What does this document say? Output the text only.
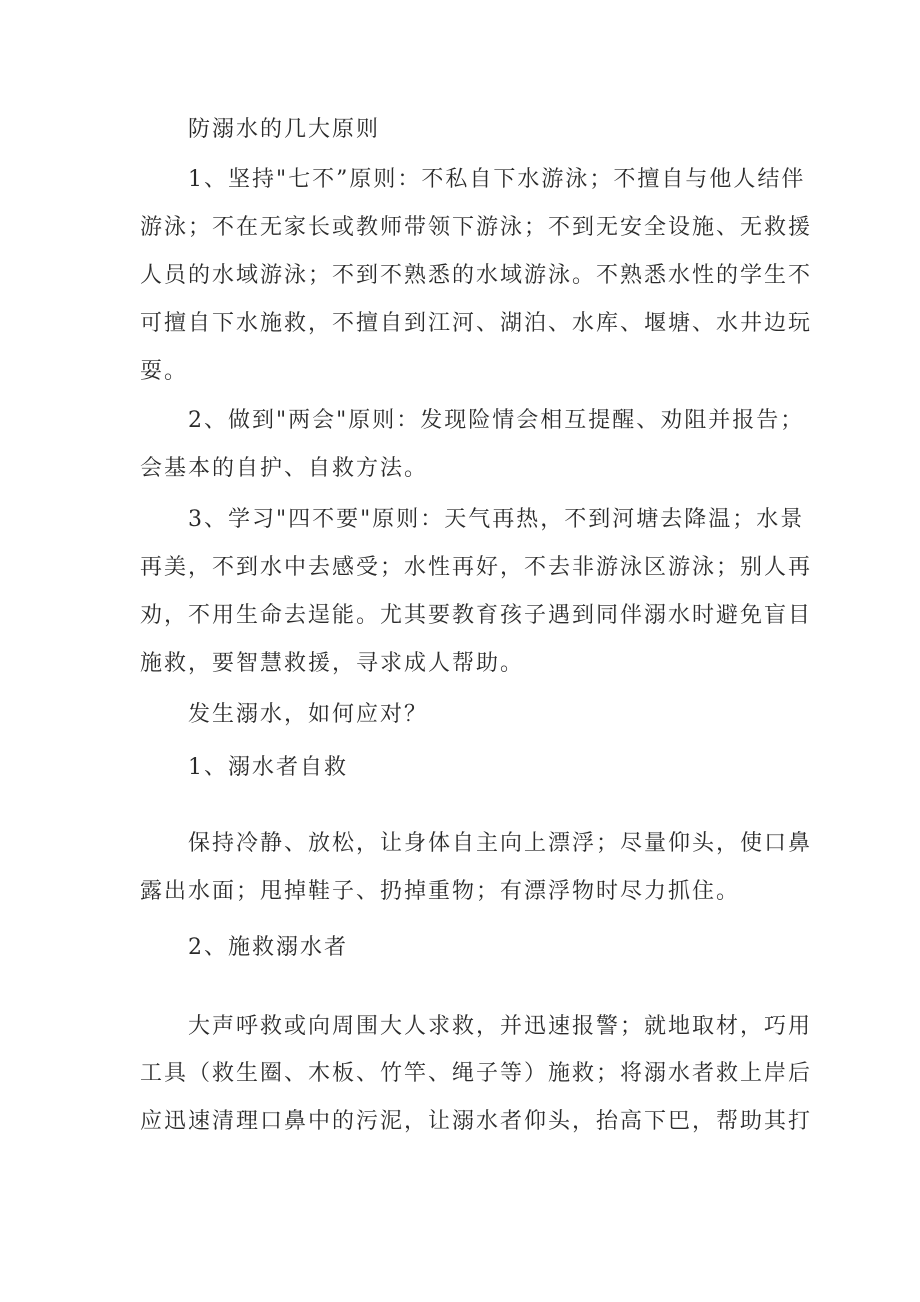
防溺水的几大原则
1、坚持"七不”原则：不私自下水游泳；不擅自与他人结伴
游泳；不在无家长或教师带领下游泳；不到无安全设施、无救援
人员的水域游泳；不到不熟悉的水域游泳。不熟悉水性的学生不
可擅自下水施救，不擅自到江河、湖泊、水库、堰塘、水井边玩
耍。
2、做到"两会"原则：发现险情会相互提醒、劝阻并报告；
会基本的自护、自救方法。
3、学习"四不要"原则：天气再热，不到河塘去降温；水景
再美，不到水中去感受；水性再好，不去非游泳区游泳；别人再
劝，不用生命去逞能。尤其要教育孩子遇到同伴溺水时避免盲目
施救，要智慧救援，寻求成人帮助。
发生溺水，如何应对？
1、溺水者自救
保持冷静、放松，让身体自主向上漂浮；尽量仰头，使口鼻
露出水面；甩掉鞋子、扔掉重物；有漂浮物时尽力抓住。
2、施救溺水者
大声呼救或向周围大人求救，并迅速报警；就地取材，巧用
工具（救生圈、木板、竹竿、绳子等）施救；将溺水者救上岸后
应迅速清理口鼻中的污泥，让溺水者仰头，抬高下巴，帮助其打
